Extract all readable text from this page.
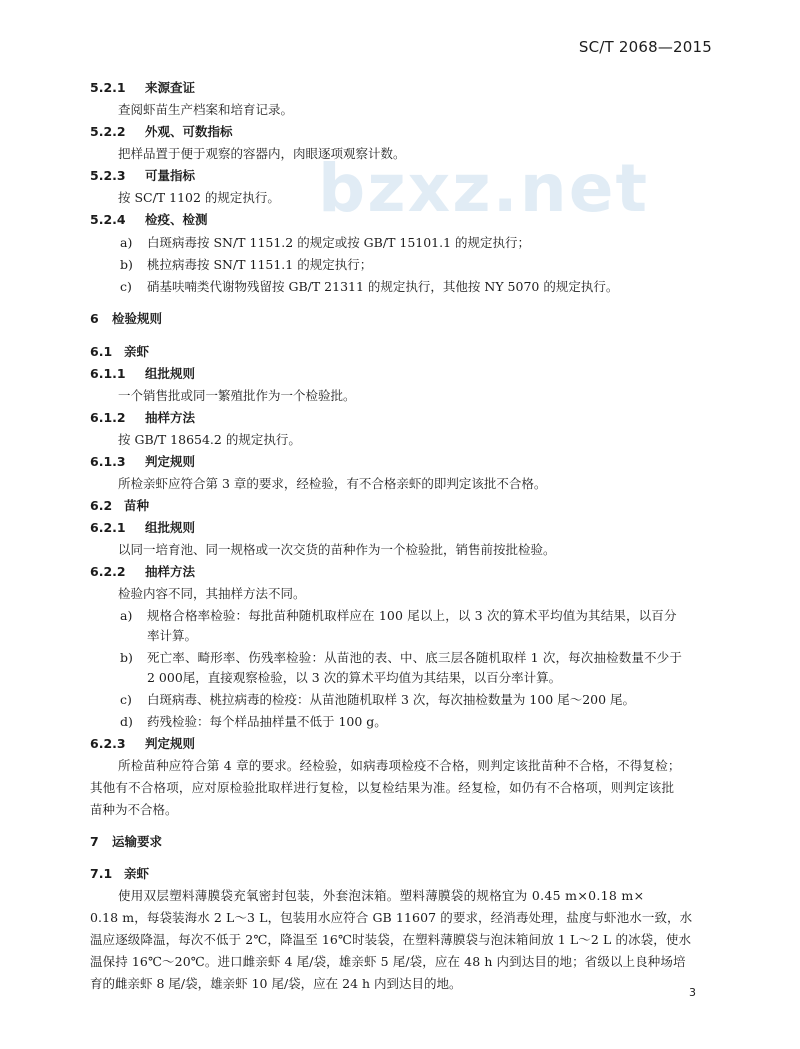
SC/T 2068—2015
bzxz.net
5.2.1 来源查证
查阅虾苗生产档案和培育记录。
5.2.2 外观、可数指标
把样品置于便于观察的容器内，肉眼逐项观察计数。
5.2.3 可量指标
按 SC/T 1102 的规定执行。
5.2.4 检疫、检测
a) 白斑病毒按 SN/T 1151.2 的规定或按 GB/T 15101.1 的规定执行；
b) 桃拉病毒按 SN/T 1151.1 的规定执行；
c) 硝基呋喃类代谢物残留按 GB/T 21311 的规定执行，其他按 NY 5070 的规定执行。
6 检验规则
6.1 亲虾
6.1.1 组批规则
一个销售批或同一繁殖批作为一个检验批。
6.1.2 抽样方法
按 GB/T 18654.2 的规定执行。
6.1.3 判定规则
所检亲虾应符合第 3 章的要求，经检验，有不合格亲虾的即判定该批不合格。
6.2 苗种
6.2.1 组批规则
以同一培育池、同一规格或一次交货的苗种作为一个检验批，销售前按批检验。
6.2.2 抽样方法
检验内容不同，其抽样方法不同。
a) 规格合格率检验：每批苗种随机取样应在 100 尾以上，以 3 次的算术平均值为其结果，以百分
率计算。
b) 死亡率、畸形率、伤残率检验：从苗池的表、中、底三层各随机取样 1 次，每次抽检数量不少于
2 000尾，直接观察检验，以 3 次的算术平均值为其结果，以百分率计算。
c) 白斑病毒、桃拉病毒的检疫：从苗池随机取样 3 次，每次抽检数量为 100 尾～200 尾。
d) 药残检验：每个样品抽样量不低于 100 g。
6.2.3 判定规则
所检苗种应符合第 4 章的要求。经检验，如病毒项检疫不合格，则判定该批苗种不合格，不得复检；
其他有不合格项，应对原检验批取样进行复检，以复检结果为准。经复检，如仍有不合格项，则判定该批
苗种为不合格。
7 运输要求
7.1 亲虾
使用双层塑料薄膜袋充氧密封包装，外套泡沫箱。塑料薄膜袋的规格宜为 0.45 m×0.18 m×
0.18 m，每袋装海水 2 L～3 L，包装用水应符合 GB 11607 的要求，经消毒处理，盐度与虾池水一致，水
温应逐级降温，每次不低于 2℃，降温至 16℃时装袋，在塑料薄膜袋与泡沫箱间放 1 L～2 L 的冰袋，使水
温保持 16℃～20℃。进口雌亲虾 4 尾/袋，雄亲虾 5 尾/袋，应在 48 h 内到达目的地；省级以上良种场培
育的雌亲虾 8 尾/袋，雄亲虾 10 尾/袋，应在 24 h 内到达目的地。
3
